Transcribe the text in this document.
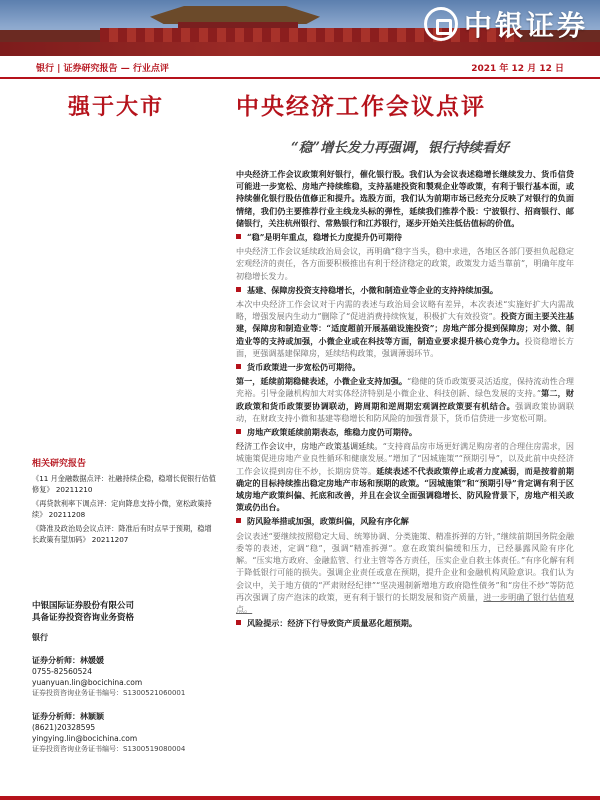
中银证券
银行 | 证券研究报告 — 行业点评	2021 年 12 月 12 日
强于大市	中央经济工作会议点评
“稳”增长发力再强调，银行持续看好

中央经济工作会议政策利好银行，催化银行股。我们认为会议表述稳增长继续发力、货币信贷可能进一步宽松、房地产持续维稳，支持基建投资和製观企业等政策，有利于银行基本面，或持续催化银行股估值修正和提升。选股方面，我们认为前期市场已经充分反映了对银行的负面情绪，我们仍主要推荐行业主线龙头标的弹性，延续我们推荐个股：宁波银行、招商银行、邮储银行，关注杭州银行、常熟银行和江苏银行，逐步开始关注低估值标的价值。

“稳”是明年重点，稳增长力度提升仍可期待

中央经济工作会议延续政治局会议，再明确“稳字当头，稳中求进，各地区各部门要担负起稳定宏观经济的责任，各方面要积极推出有利于经济稳定的政策，政策发力适当靠前”，明确年度年初稳增长发力。

基建、保障房投资支持稳增长，小微和制造业等企业的支持持续加强。

本次中央经济工作会议对于内需的表述与政治局会议略有差异，本次表述“实施好扩大内需战略，增强发展内生动力”删除了“促进消费持续恢复，积极扩大有效投资”。投资方面主要关注基建，保障房和制造业等：“适度超前开展基础设施投资”；房地产部分提到保障房；对小微、制造业等的支持或加强，小微企业或在科技等方面，制造业要求提升核心竞争力。投资稳增长方面，更强调基建保障房，延续结构政策，强调薄弱环节。

货币政策进一步宽松仍可期待。

第一，延续前期稳健表述，小微企业支持加强。“稳健的货币政策要灵活适度，保持流动性合理充裕。引导金融机构加大对实体经济特别是小微企业、科技创新、绿色发展的支持。”第二，财政政策和货币政策要协调联动，跨周期和逆周期宏观调控政策要有机结合。强调政策协调联动，在财政支持小微和基建等稳增长和防风险的加强背景下，货币信贷进一步宽松可期。

房地产政策延续前期表态，维稳力度仍可期待。

经济工作会议中，房地产政策基调延续。“支持商品房市场更好满足购房者的合理住房需求，因城施策促进房地产业良性循环和健康发展。”增加了“因城施策”“预期引导”，以及此前中央经济工作会议提到房住不炒，长期房贷等。延续表述不代表政策停止或者力度减弱，而是按着前期确定的目标持续推出稳定房地产市场和预期的政策。“因城施策”和“预期引导”肯定调有利于区域房地产政策纠偏、托底和改善，并且在会议全面强调稳增长、防风险背景下，房地产相关政策或仍出台。

防风险举措或加强，政策纠偏，风险有序化解

会议表述“要继续按照稳定大局、统筹协调、分类施策、精准拆弹的方针，”继续前期国务院金融委等的表述，定调“稳”，强调“精准拆弹”。意在政策纠偏缓和压力，已经暴露风险有序化解。“压实地方政府、金融监管、行业主管等各方责任，压实企业自救主体责任。”有序化解有利于降低银行可能的损失。强调企业责任或意在预期，提升企业和金融机构风险意识。我们认为会议中，关于地方债的“严肃财经纪律”“坚决遏制新增地方政府隐性债务”和“房住不炒”等防范再次强调了房产泡沫的政策，更有利于银行的长期发展和资产质量，进一步明确了银行估值观点。

风险提示：经济下行导致资产质量恶化超预期。
相关研究报告
《11 月金融数据点评：社融持续企稳，稳增长促银行估值修复》 20211210
《再贷款利率下调点评：定向降息支持小微，宽松政策持续》 20211208
《降准及政治局会议点评：降准后有时点早于预期，稳增长政策有望加码》 20211207
中银国际证券股份有限公司
具备证券投资咨询业务资格
银行
证券分析师：林媛媛
0755-82560524
yuanyuan.lin@bocichina.com
证券投资咨询业务证书编号：S1300521060001
证券分析师：林颖颖
(8621)20328595
yingying.lin@bocichina.com
证券投资咨询业务证书编号：S1300519080004
